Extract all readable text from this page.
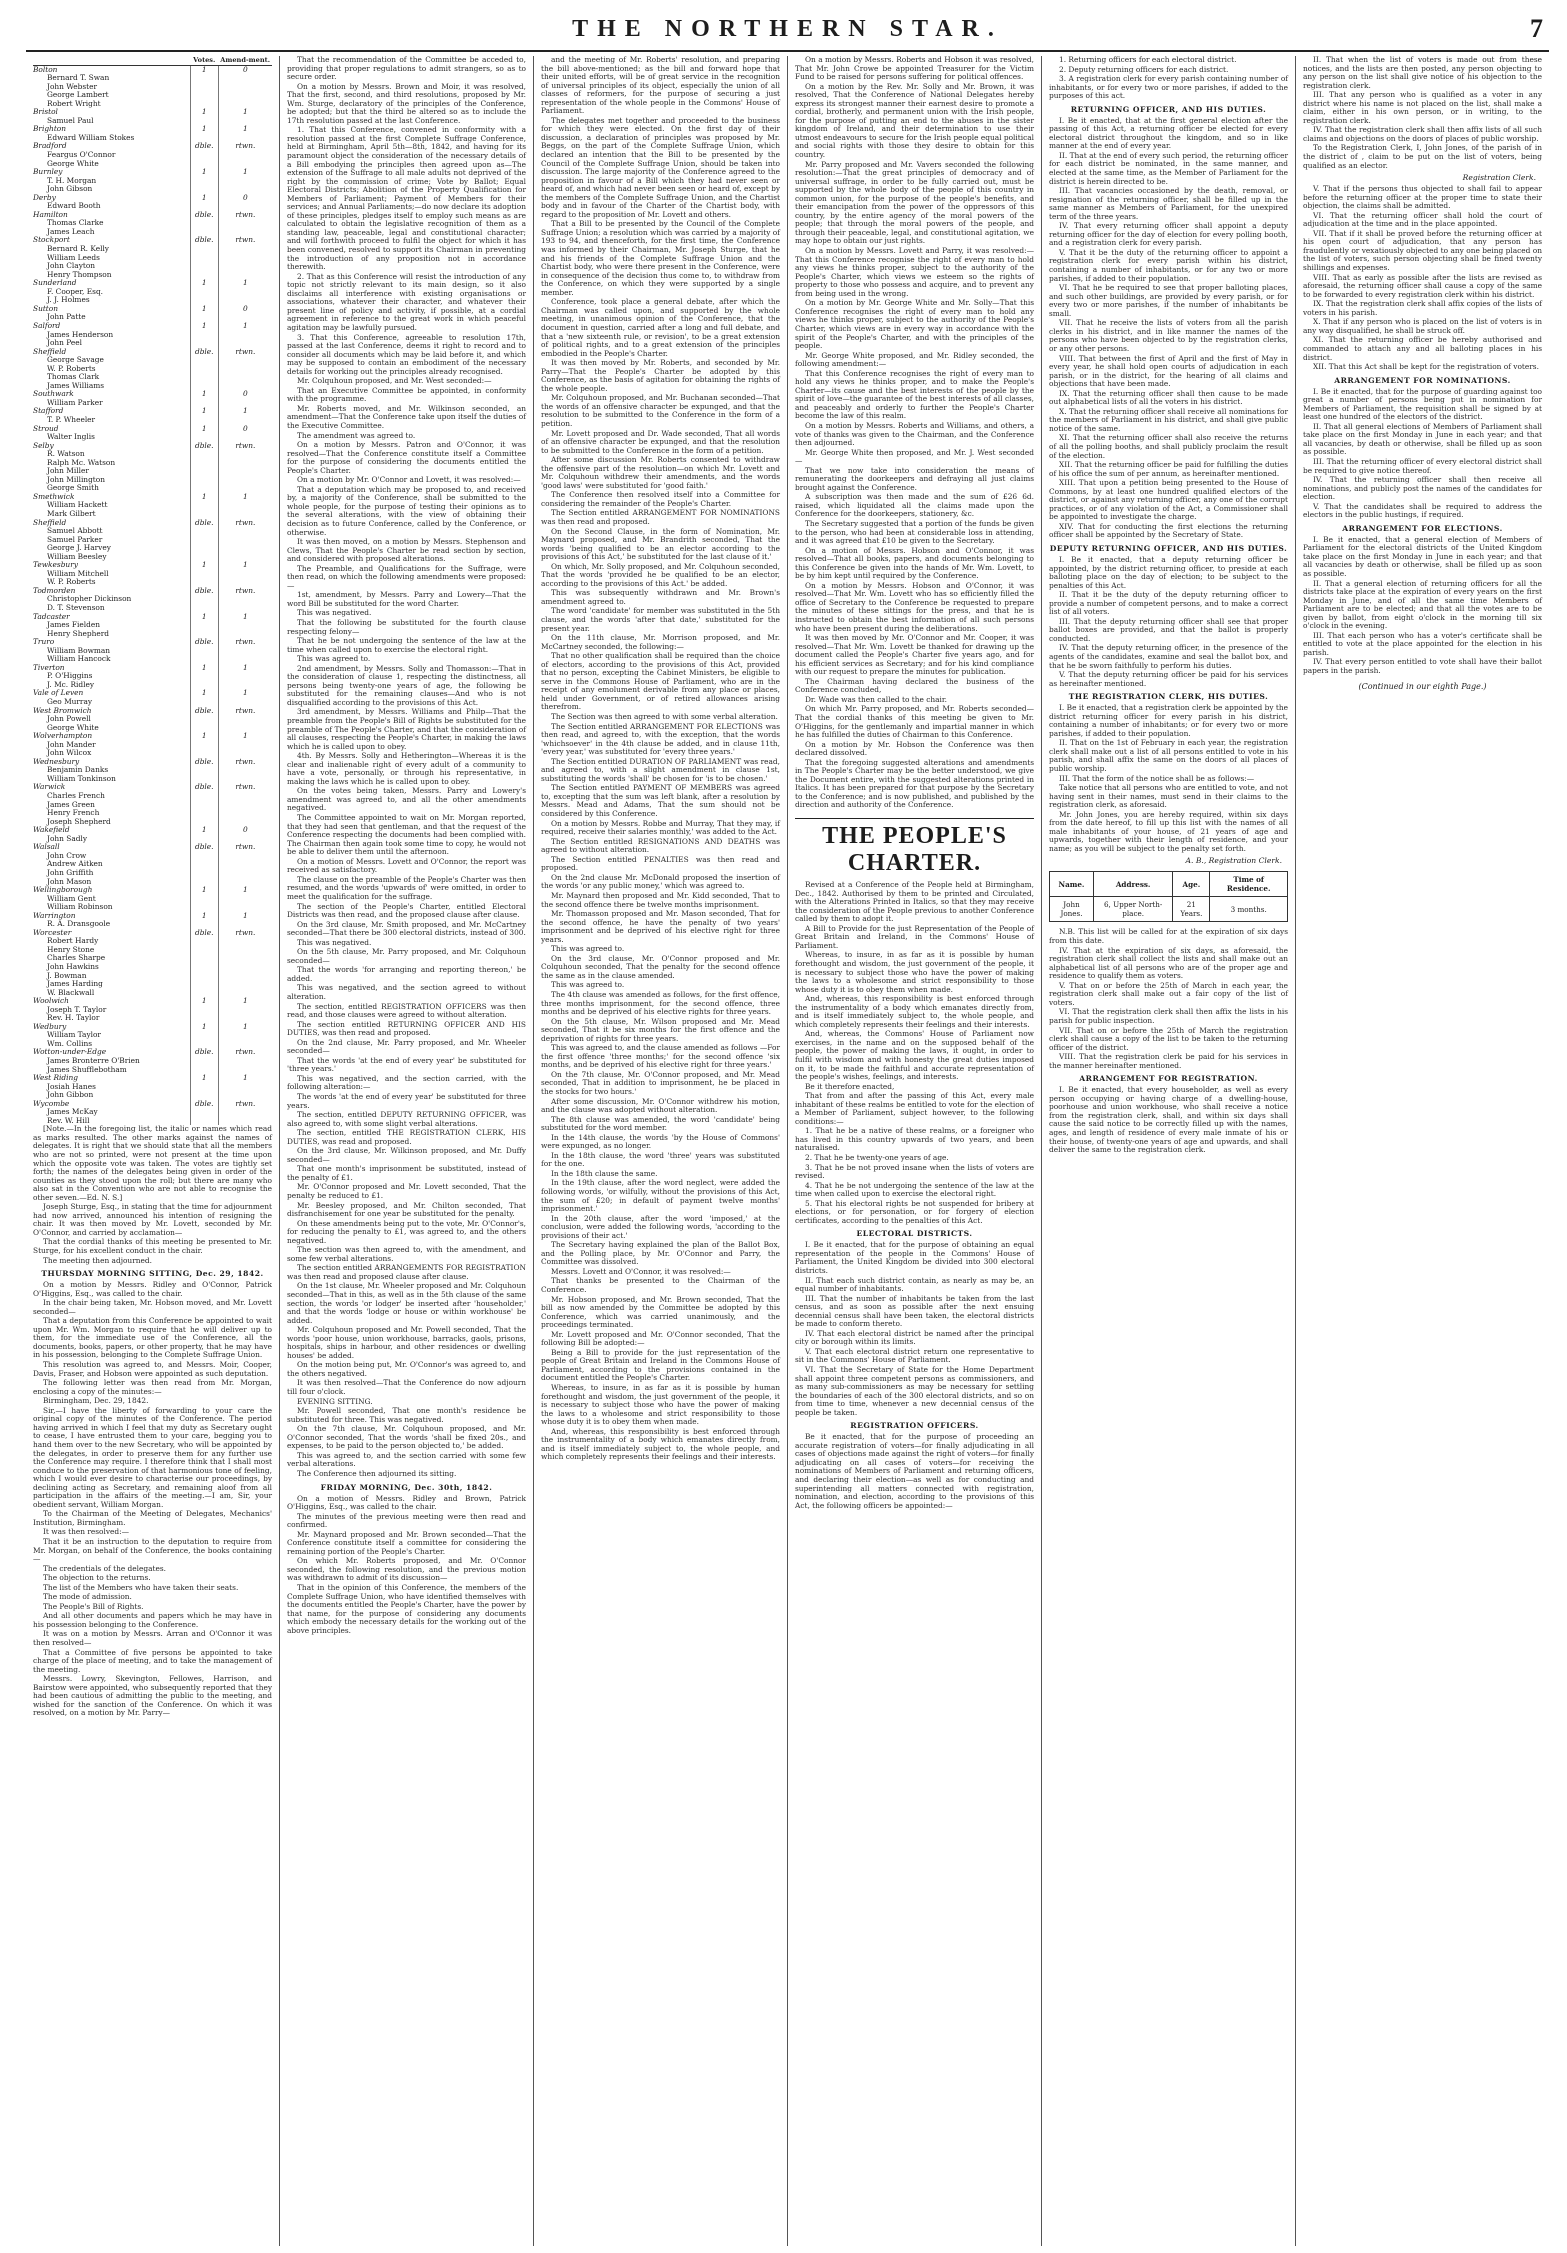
THE NORTHERN STAR.	7
	Votes.	Amend-ment.
Bolton	1	0
Bernard T. Swan		
John Webster		
George Lambert		
Robert Wright		
Bristol	1	1
Samuel Paul		
Brighton	1	1
Edward William Stokes		
Bradford	dble.	rtwn.
Feargus O'Connor		
George White		
Burnley	1	1
T. H. Morgan		
John Gibson		
Derby	1	0
Edward Booth		
Hamilton	dble.	rtwn.
Thomas Clarke		
James Leach		
Stockport	dble.	rtwn.
Bernard R. Kelly		
William Leeds		
John Clayton		
Henry Thompson		
Sunderland	1	1
F. Cooper, Esq.		
J. J. Holmes		
Sutton	1	0
John Patte		
Salford	1	1
James Henderson		
John Peel		
Sheffield	dble.	rtwn.
George Savage		
W. P. Roberts		
Thomas Clark		
James Williams		
Southwark	1	0
William Parker		
Stafford	1	1
T. P. Wheeler		
Stroud	1	0
Walter Inglis		
Selby	dble.	rtwn.
R. Watson		
Ralph Mc. Watson		
John Miller		
John Millington		
George Smith		
Smethwick	1	1
William Hackett		
Mark Gilbert		
Sheffield	dble.	rtwn.
Samuel Abbott		
Samuel Parker		
George J. Harvey		
William Beesley		
Tewkesbury	1	1
William Mitchell		
W. P. Roberts		
Todmorden	dble.	rtwn.
Christopher Dickinson		
D. T. Stevenson		
Tadcaster	1	1
James Fielden		
Henry Shepherd		
Truro	dble.	rtwn.
William Bowman		
William Hancock		
Tiverton	1	1
P. O'Higgins		
J. Mc. Ridley		
Vale of Leven	1	1
Geo Murray		
West Bromwich	dble.	rtwn.
John Powell		
George White		
Wolverhampton	1	1
John Mander		
John Wilcox		
Wednesbury	dble.	rtwn.
Benjamin Danks		
William Tonkinson		
Warwick	dble.	rtwn.
Charles French		
James Green		
Henry French		
Joseph Shepherd		
Wakefield	1	0
John Sadly		
Walsall	dble.	rtwn.
John Crow		
Andrew Aitken		
John Griffith		
John Mason		
Wellingborough	1	1
William Gent		
William Robinson		
Warrington	1	1
R. A. Dransgoole		
Worcester	dble.	rtwn.
Robert Hardy		
Henry Stone		
Charles Sharpe		
John Hawkins		
J. Bowman		
James Harding		
W. Blackwall		
Woolwich	1	1
Joseph T. Taylor		
Rev. H. Taylor		
Wedbury	1	1
William Taylor		
Wm. Collins		
Wotton-under-Edge	dble.	rtwn.
James Bronterre O'Brien		
James Shufflebotham		
West Riding	1	1
Josiah Hanes		
John Gibbon		
Wycombe	dble.	rtwn.
James McKay		
Rev. W. Hill		

[Note.—In the foregoing list, the italic or names which read as marks resulted. The other marks against the names of delegates. It is right that we should state that all the members who are not so printed, were not present at the time upon which the opposite vote was taken. The votes are tightly set forth; the names of the delegates being given in order of the counties as they stood upon the roll; but there are many who also sat in the Convention who are not able to recognise the other seven.—Ed. N. S.]

Joseph Sturge, Esq., in stating that the time for adjournment had now arrived, announced his intention of resigning the chair. It was then moved by Mr. Lovett, seconded by Mr. O'Connor, and carried by acclamation—

That the cordial thanks of this meeting be presented to Mr. Sturge, for his excellent conduct in the chair.

The meeting then adjourned.

THURSDAY MORNING SITTING, Dec. 29, 1842.

On a motion by Messrs. Ridley and O'Connor, Patrick O'Higgins, Esq., was called to the chair.

In the chair being taken, Mr. Hobson moved, and Mr. Lovett seconded—

That a deputation from this Conference be appointed to wait upon Mr. Wm. Morgan to require that he will deliver up to them, for the immediate use of the Conference, all the documents, books, papers, or other property, that he may have in his possession, belonging to the Complete Suffrage Union.

This resolution was agreed to, and Messrs. Moir, Cooper, Davis, Fraser, and Hobson were appointed as such deputation.

The following letter was then read from Mr. Morgan, enclosing a copy of the minutes:—

Birmingham, Dec. 29, 1842.

Sir,—I have the liberty of forwarding to your care the original copy of the minutes of the Conference. The period having arrived in which I feel that my duty as Secretary ought to cease, I have entrusted them to your care, begging you to hand them over to the new Secretary, who will be appointed by the delegates, in order to preserve them for any further use the Conference may require. I therefore think that I shall most conduce to the preservation of that harmonious tone of feeling, which I would ever desire to characterise our proceedings, by declining acting as Secretary, and remaining aloof from all participation in the affairs of the meeting.—I am, Sir, your obedient servant, William Morgan.

To the Chairman of the Meeting of Delegates, Mechanics' Institution, Birmingham.

It was then resolved:—

That it be an instruction to the deputation to require from Mr. Morgan, on behalf of the Conference, the books containing—

The credentials of the delegates.

The objection to the returns.

The list of the Members who have taken their seats.

The mode of admission.

The People's Bill of Rights.

And all other documents and papers which he may have in his possession belonging to the Conference.

It was on a motion by Messrs. Arran and O'Connor it was then resolved—

That a Committee of five persons be appointed to take charge of the place of meeting, and to take the management of the meeting.

Messrs. Lowry, Skevington, Fellowes, Harrison, and Bairstow were appointed, who subsequently reported that they had been cautious of admitting the public to the meeting, and wished for the sanction of the Conference. On which it was resolved, on a motion by Mr. Parry—

That the recommendation of the Committee be acceded to, providing that proper regulations to admit strangers, so as to secure order.

On a motion by Messrs. Brown and Moir, it was resolved, That the first, second, and third resolutions, proposed by Mr. Wm. Sturge, declaratory of the principles of the Conference, be adopted; but that the third be altered so as to include the 17th resolution passed at the last Conference.

1. That this Conference, convened in conformity with a resolution passed at the first Complete Suffrage Conference, held at Birmingham, April 5th—8th, 1842, and having for its paramount object the consideration of the necessary details of a Bill embodying the principles then agreed upon as—The extension of the Suffrage to all male adults not deprived of the right by the commission of crime; Vote by Ballot; Equal Electoral Districts; Abolition of the Property Qualification for Members of Parliament; Payment of Members for their services; and Annual Parliaments;—do now declare its adoption of these principles, pledges itself to employ such means as are calculated to obtain the legislative recognition of them as a standing law, peaceable, legal and constitutional character; and will forthwith proceed to fulfil the object for which it has been convened, resolved to support its Chairman in preventing the introduction of any proposition not in accordance therewith.

2. That as this Conference will resist the introduction of any topic not strictly relevant to its main design, so it also disclaims all interference with existing organisations or associations, whatever their character, and whatever their present line of policy and activity, if possible, at a cordial agreement in reference to the great work in which peaceful agitation may be lawfully pursued.

3. That this Conference, agreeable to resolution 17th, passed at the last Conference, deems it right to record and to consider all documents which may be laid before it, and which may be supposed to contain an embodiment of the necessary details for working out the principles already recognised.

Mr. Colquhoun proposed, and Mr. West seconded:—

That an Executive Committee be appointed, in conformity with the programme.

Mr. Roberts moved, and Mr. Wilkinson seconded, an amendment—That the Conference take upon itself the duties of the Executive Committee.

The amendment was agreed to.

On a motion by Messrs. Patron and O'Connor, it was resolved—That the Conference constitute itself a Committee for the purpose of considering the documents entitled the People's Charter.

On a motion by Mr. O'Connor and Lovett, it was resolved:—

That a deputation which may be proposed to, and received by, a majority of the Conference, shall be submitted to the whole people, for the purpose of testing their opinions as to the several alterations, with the view of obtaining their decision as to future Conference, called by the Conference, or otherwise.

It was then moved, on a motion by Messrs. Stephenson and Clews, That the People's Charter be read section by section, and considered with proposed alterations.

The Preamble, and Qualifications for the Suffrage, were then read, on which the following amendments were proposed:—

1st, amendment, by Messrs. Parry and Lowery—That the word Bill be substituted for the word Charter.

This was negatived.

That the following be substituted for the fourth clause respecting felony—

That he be not undergoing the sentence of the law at the time when called upon to exercise the electoral right.

This was agreed to.

2nd amendment, by Messrs. Solly and Thomasson:—That in the consideration of clause 1, respecting the distinctness, all persons being twenty-one years of age, the following be substituted for the remaining clauses—And who is not disqualified according to the provisions of this Act.

3rd amendment, by Messrs. Williams and Philp—That the preamble from the People's Bill of Rights be substituted for the preamble of The People's Charter, and that the consideration of all clauses, respecting the People's Charter, in making the laws which he is called upon to obey.

4th. By Messrs. Solly and Hetherington—Whereas it is the clear and inalienable right of every adult of a community to have a vote, personally, or through his representative, in making the laws which he is called upon to obey.

On the votes being taken, Messrs. Parry and Lowery's amendment was agreed to, and all the other amendments negatived.

The Committee appointed to wait on Mr. Morgan reported, that they had seen that gentleman, and that the request of the Conference respecting the documents had been complied with. The Chairman then again took some time to copy, he would not be able to deliver them until the afternoon.

On a motion of Messrs. Lovett and O'Connor, the report was received as satisfactory.

The clause on the preamble of the People's Charter was then resumed, and the words 'upwards of' were omitted, in order to meet the qualification for the suffrage.

The section of the People's Charter, entitled Electoral Districts was then read, and the proposed clause after clause.

On the 3rd clause, Mr. Smith proposed, and Mr. McCartney seconded—That there be 300 electoral districts, instead of 300.

This was negatived.

On the 5th clause, Mr. Parry proposed, and Mr. Colquhoun seconded—

That the words 'for arranging and reporting thereon,' be added.

This was negatived, and the section agreed to without alteration.

The section, entitled REGISTRATION OFFICERS was then read, and those clauses were agreed to without alteration.

The section entitled RETURNING OFFICER AND HIS DUTIES, was then read and proposed.

On the 2nd clause, Mr. Parry proposed, and Mr. Wheeler seconded—

That the words 'at the end of every year' be substituted for 'three years.'

This was negatived, and the section carried, with the following alteration:—

The words 'at the end of every year' be substituted for three years.

The section, entitled DEPUTY RETURNING OFFICER, was also agreed to, with some slight verbal alterations.

The section, entitled THE REGISTRATION CLERK, HIS DUTIES, was read and proposed.

On the 3rd clause, Mr. Wilkinson proposed, and Mr. Duffy seconded—

That one month's imprisonment be substituted, instead of the penalty of £1.

Mr. O'Connor proposed and Mr. Lovett seconded, That the penalty be reduced to £1.

Mr. Beesley proposed, and Mr. Chilton seconded, That disfranchisement for one year be substituted for the penalty.

On these amendments being put to the vote, Mr. O'Connor's, for reducing the penalty to £1, was agreed to, and the others negatived.

The section was then agreed to, with the amendment, and some few verbal alterations.

The section entitled ARRANGEMENTS FOR REGISTRATION was then read and proposed clause after clause.

On the 1st clause, Mr. Wheeler proposed and Mr. Colquhoun seconded—That in this, as well as in the 5th clause of the same section, the words 'or lodger' be inserted after 'householder,' and that the words 'lodge or house or within workhouse' be added.

Mr. Colquhoun proposed and Mr. Powell seconded, That the words 'poor house, union workhouse, barracks, gaols, prisons, hospitals, ships in harbour, and other residences or dwelling houses' be added.

On the motion being put, Mr. O'Connor's was agreed to, and the others negatived.

It was then resolved—That the Conference do now adjourn till four o'clock.

EVENING SITTING.

Mr. Powell seconded, That one month's residence be substituted for three. This was negatived.

On the 7th clause, Mr. Colquhoun proposed, and Mr. O'Connor seconded, That the words 'shall be fixed 20s., and expenses, to be paid to the person objected to,' be added.

This was agreed to, and the section carried with some few verbal alterations.

The Conference then adjourned its sitting.

FRIDAY MORNING, Dec. 30th, 1842.

On a motion of Messrs. Ridley and Brown, Patrick O'Higgins, Esq., was called to the chair.

The minutes of the previous meeting were then read and confirmed.

Mr. Maynard proposed and Mr. Brown seconded—That the Conference constitute itself a committee for considering the remaining portion of the People's Charter.

On which Mr. Roberts proposed, and Mr. O'Connor seconded, the following resolution, and the previous motion was withdrawn to admit of its discussion—

That in the opinion of this Conference, the members of the Complete Suffrage Union, who have identified themselves with the documents entitled the People's Charter, have the power by that name, for the purpose of considering any documents which embody the necessary details for the working out of the above principles.

and the meeting of Mr. Roberts' resolution, and preparing the bill above-mentioned; as the bill and forward hope that their united efforts, will be of great service in the recognition of universal principles of its object, especially the union of all classes of reformers, for the purpose of securing a just representation of the whole people in the Commons' House of Parliament.

The delegates met together and proceeded to the business for which they were elected. On the first day of their discussion, a declaration of principles was proposed by Mr. Beggs, on the part of the Complete Suffrage Union, which declared an intention that the Bill to be presented by the Council of the Complete Suffrage Union, should be taken into discussion. The large majority of the Conference agreed to the proposition in favour of a Bill which they had never seen or heard of, and which had never been seen or heard of, except by the members of the Complete Suffrage Union, and the Chartist body and in favour of the Charter of the Chartist body, with regard to the proposition of Mr. Lovett and others.

That a Bill to be presented by the Council of the Complete Suffrage Union; a resolution which was carried by a majority of 193 to 94, and thenceforth, for the first time, the Conference was informed by their Chairman, Mr. Joseph Sturge, that he and his friends of the Complete Suffrage Union and the Chartist body, who were there present in the Conference, were in consequence of the decision thus come to, to withdraw from the Conference, on which they were supported by a single member.

Conference, took place a general debate, after which the Chairman was called upon, and supported by the whole meeting, in unanimous opinion of the Conference, that the document in question, carried after a long and full debate, and that a 'new sixteenth rule, or revision', to be a great extension of political rights, and to a great extension of the principles embodied in the People's Charter.

It was then moved by Mr. Roberts, and seconded by Mr. Parry—That the People's Charter be adopted by this Conference, as the basis of agitation for obtaining the rights of the whole people.

Mr. Colquhoun proposed, and Mr. Buchanan seconded—That the words of an offensive character be expunged, and that the resolution to be submitted to the Conference in the form of a petition.

Mr. Lovett proposed and Dr. Wade seconded, That all words of an offensive character be expunged, and that the resolution to be submitted to the Conference in the form of a petition.

After some discussion Mr. Roberts consented to withdraw the offensive part of the resolution—on which Mr. Lovett and Mr. Colquhoun withdrew their amendments, and the words 'good laws' were substituted for 'good faith.'

The Conference then resolved itself into a Committee for considering the remainder of the People's Charter.

The Section entitled ARRANGEMENT FOR NOMINATIONS was then read and proposed.

On the Second Clause, in the form of Nomination, Mr. Maynard proposed, and Mr. Brandrith seconded, That the words 'being qualified to be an elector according to the provisions of this Act,' be substituted for the last clause of it.'

On which, Mr. Solly proposed, and Mr. Colquhoun seconded, That the words 'provided he be qualified to be an elector, according to the provisions of this Act.' be added.

This was subsequently withdrawn and Mr. Brown's amendment agreed to.

The word 'candidate' for member was substituted in the 5th clause, and the words 'after that date,' substituted for the present year.

On the 11th clause, Mr. Morrison proposed, and Mr. McCartney seconded, the following:—

That no other qualification shall be required than the choice of electors, according to the provisions of this Act, provided that no person, excepting the Cabinet Ministers, be eligible to serve in the Commons House of Parliament, who are in the receipt of any emolument derivable from any place or places, held under Government, or of retired allowances arising therefrom.

The Section was then agreed to with some verbal alteration.

The Section entitled ARRANGEMENT FOR ELECTIONS was then read, and agreed to, with the exception, that the words 'whichsoever' in the 4th clause be added, and in clause 11th, 'every year,' was substituted for 'every three years.'

The Section entitled DURATION OF PARLIAMENT was read, and agreed to, with a slight amendment in clause 1st, substituting the words 'shall' be chosen for 'is to be chosen.'

The Section entitled PAYMENT OF MEMBERS was agreed to, excepting that the sum was left blank, after a resolution by Messrs. Mead and Adams, That the sum should not be considered by this Conference.

On a motion by Messrs. Robbe and Murray, That they may, if required, receive their salaries monthly,' was added to the Act.

The Section entitled RESIGNATIONS AND DEATHS was agreed to without alteration.

The Section entitled PENALTIES was then read and proposed.

On the 2nd clause Mr. McDonald proposed the insertion of the words 'or any public money,' which was agreed to.

Mr. Maynard then proposed and Mr. Kidd seconded, That to the second offence there be twelve months imprisonment.

Mr. Thomasson proposed and Mr. Mason seconded, That for the second offence, he have the penalty of two years' imprisonment and be deprived of his elective right for three years.

This was agreed to.

On the 3rd clause, Mr. O'Connor proposed and Mr. Colquhoun seconded, That the penalty for the second offence the same as in the clause amended.

This was agreed to.

The 4th clause was amended as follows, for the first offence, three months imprisonment, for the second offence, three months and be deprived of his elective rights for three years.

On the 5th clause, Mr. Wilson proposed and Mr. Mead seconded, That it be six months for the first offence and the deprivation of rights for three years.

This was agreed to, and the clause amended as follows —For the first offence 'three months;' for the second offence 'six months, and be deprived of his elective right for three years.'

On the 7th clause, Mr. O'Connor proposed, and Mr. Mead seconded, That in addition to imprisonment, he be placed in the stocks for two hours.'

After some discussion, Mr. O'Connor withdrew his motion, and the clause was adopted without alteration.

The 8th clause was amended, the word 'candidate' being substituted for the word member.

In the 14th clause, the words 'by the House of Commons' were expunged, as no longer.

In the 18th clause, the word 'three' years was substituted for the one.

In the 18th clause the same.

In the 19th clause, after the word neglect, were added the following words, 'or wilfully, without the provisions of this Act, the sum of £20; in default of payment twelve months' imprisonment.'

In the 20th clause, after the word 'imposed,' at the conclusion, were added the following words, 'according to the provisions of their act.'

The Secretary having explained the plan of the Ballot Box, and the Polling place, by Mr. O'Connor and Parry, the Committee was dissolved.

Messrs. Lovett and O'Connor, it was resolved:—

That thanks be presented to the Chairman of the Conference.

Mr. Hobson proposed, and Mr. Brown seconded, That the bill as now amended by the Committee be adopted by this Conference, which was carried unanimously, and the proceedings terminated.

Mr. Lovett proposed and Mr. O'Connor seconded, That the following Bill be adopted:—

Being a Bill to provide for the just representation of the people of Great Britain and Ireland in the Commons House of Parliament, according to the provisions contained in the document entitled the People's Charter.

Whereas, to insure, in as far as it is possible by human forethought and wisdom, the just government of the people, it is necessary to subject those who have the power of making the laws to a wholesome and strict responsibility to those whose duty it is to obey them when made.

And, whereas, this responsibility is best enforced through the instrumentality of a body which emanates directly from, and is itself immediately subject to, the whole people, and which completely represents their feelings and their interests.

On a motion by Messrs. Roberts and Hobson it was resolved, That Mr. John Crowe be appointed Treasurer for the Victim Fund to be raised for persons suffering for political offences.

On a motion by the Rev. Mr. Solly and Mr. Brown, it was resolved, That the Conference of National Delegates hereby express its strongest manner their earnest desire to promote a cordial, brotherly, and permanent union with the Irish people, for the purpose of putting an end to the abuses in the sister kingdom of Ireland, and their determination to use their utmost endeavours to secure for the Irish people equal political and social rights with those they desire to obtain for this country.

Mr. Parry proposed and Mr. Vavers seconded the following resolution:—That the great principles of democracy and of universal suffrage, in order to be fully carried out, must be supported by the whole body of the people of this country in common union, for the purpose of the people's benefits, and their emancipation from the power of the oppressors of this country, by the entire agency of the moral powers of the people; that through the moral powers of the people, and through their peaceable, legal, and constitutional agitation, we may hope to obtain our just rights.

On a motion by Messrs. Lovett and Parry, it was resolved:—That this Conference recognise the right of every man to hold any views he thinks proper, subject to the authority of the People's Charter, which views we esteem so the rights of property to those who possess and acquire, and to prevent any from being used in the wrong.

On a motion by Mr. George White and Mr. Solly—That this Conference recognises the right of every man to hold any views he thinks proper, subject to the authority of the People's Charter, which views are in every way in accordance with the spirit of the People's Charter, and with the principles of the people.

Mr. George White proposed, and Mr. Ridley seconded, the following amendment:—

That this Conference recognises the right of every man to hold any views he thinks proper, and to make the People's Charter—its cause and the best interests of the people by the spirit of love—the guarantee of the best interests of all classes, and peaceably and orderly to further the People's Charter become the law of this realm.

On a motion by Messrs. Roberts and Williams, and others, a vote of thanks was given to the Chairman, and the Conference then adjourned.

Mr. George White then proposed, and Mr. J. West seconded—

That we now take into consideration the means of remunerating the doorkeepers and defraying all just claims brought against the Conference.

A subscription was then made and the sum of £26 6d. raised, which liquidated all the claims made upon the Conference for the doorkeepers, stationery, &c.

The Secretary suggested that a portion of the funds be given to the person, who had been at considerable loss in attending, and it was agreed that £10 be given to the Secretary.

On a motion of Messrs. Hobson and O'Connor, it was resolved—That all books, papers, and documents belonging to this Conference be given into the hands of Mr. Wm. Lovett, to be by him kept until required by the Conference.

On a motion by Messrs. Hobson and O'Connor, it was resolved—That Mr. Wm. Lovett who has so efficiently filled the office of Secretary to the Conference be requested to prepare the minutes of these sittings for the press, and that he is instructed to obtain the best information of all such persons who have been present during the deliberations.

It was then moved by Mr. O'Connor and Mr. Cooper, it was resolved—That Mr. Wm. Lovett be thanked for drawing up the document called the People's Charter five years ago, and for his efficient services as Secretary; and for his kind compliance with our request to prepare the minutes for publication.

The Chairman having declared the business of the Conference concluded,

Dr. Wade was then called to the chair.

On which Mr. Parry proposed, and Mr. Roberts seconded—That the cordial thanks of this meeting be given to Mr. O'Higgins, for the gentlemanly and impartial manner in which he has fulfilled the duties of Chairman to this Conference.

On a motion by Mr. Hobson the Conference was then declared dissolved.

That the foregoing suggested alterations and amendments in The People's Charter may be the better understood, we give the Document entire, with the suggested alterations printed in Italics. It has been prepared for that purpose by the Secretary to the Conference; and is now published, and published by the direction and authority of the Conference.

THE PEOPLE'S CHARTER.

Revised at a Conference of the People held at Birmingham, Dec., 1842. Authorised by them to be printed and Circulated, with the Alterations Printed in Italics, so that they may receive the consideration of the People previous to another Conference called by them to adopt it.

A Bill to Provide for the just Representation of the People of Great Britain and Ireland, in the Commons' House of Parliament.

Whereas, to insure, in as far as it is possible by human forethought and wisdom, the just government of the people, it is necessary to subject those who have the power of making the laws to a wholesome and strict responsibility to those whose duty it is to obey them when made.

And, whereas, this responsibility is best enforced through the instrumentality of a body which emanates directly from, and is itself immediately subject to, the whole people, and which completely represents their feelings and their interests.

And, whereas, the Commons' House of Parliament now exercises, in the name and on the supposed behalf of the people, the power of making the laws, it ought, in order to fulfil with wisdom and with honesty the great duties imposed on it, to be made the faithful and accurate representation of the people's wishes, feelings, and interests.

Be it therefore enacted,

That from and after the passing of this Act, every male inhabitant of these realms be entitled to vote for the election of a Member of Parliament, subject however, to the following conditions:—

1. That he be a native of these realms, or a foreigner who has lived in this country upwards of two years, and been naturalised.

2. That he be twenty-one years of age.

3. That he be not proved insane when the lists of voters are revised.

4. That he be not undergoing the sentence of the law at the time when called upon to exercise the electoral right.

5. That his electoral rights be not suspended for bribery at elections, or for personation, or for forgery of election certificates, according to the penalties of this Act.

ELECTORAL DISTRICTS.

I. Be it enacted, that for the purpose of obtaining an equal representation of the people in the Commons' House of Parliament, the United Kingdom be divided into 300 electoral districts.

II. That each such district contain, as nearly as may be, an equal number of inhabitants.

III. That the number of inhabitants be taken from the last census, and as soon as possible after the next ensuing decennial census shall have been taken, the electoral districts be made to conform thereto.

IV. That each electoral district be named after the principal city or borough within its limits.

V. That each electoral district return one representative to sit in the Commons' House of Parliament.

VI. That the Secretary of State for the Home Department shall appoint three competent persons as commissioners, and as many sub-commissioners as may be necessary for settling the boundaries of each of the 300 electoral districts, and so on from time to time, whenever a new decennial census of the people be taken.

REGISTRATION OFFICERS.

Be it enacted, that for the purpose of proceeding an accurate registration of voters—for finally adjudicating in all cases of objections made against the right of voters—for finally adjudicating on all cases of voters—for receiving the nominations of Members of Parliament and returning officers, and declaring their election—as well as for conducting and superintending all matters connected with registration, nomination, and election, according to the provisions of this Act, the following officers be appointed:—

1. Returning officers for each electoral district.

2. Deputy returning officers for each district.

3. A registration clerk for every parish containing number of inhabitants, or for every two or more parishes, if added to the purposes of this act.

RETURNING OFFICER, AND HIS DUTIES.

I. Be it enacted, that at the first general election after the passing of this Act, a returning officer be elected for every electoral district throughout the kingdom, and so in like manner at the end of every year.

II. That at the end of every such period, the returning officer for each district be nominated, in the same manner, and elected at the same time, as the Member of Parliament for the district is herein directed to be.

III. That vacancies occasioned by the death, removal, or resignation of the returning officer, shall be filled up in the same manner as Members of Parliament, for the unexpired term of the three years.

IV. That every returning officer shall appoint a deputy returning officer for the day of election for every polling booth, and a registration clerk for every parish.

V. That it be the duty of the returning officer to appoint a registration clerk for every parish within his district, containing a number of inhabitants, or for any two or more parishes, if added to their population.

VI. That he be required to see that proper balloting places, and such other buildings, are provided by every parish, or for every two or more parishes, if the number of inhabitants be small.

VII. That he receive the lists of voters from all the parish clerks in his district, and in like manner the names of the persons who have been objected to by the registration clerks, or any other persons.

VIII. That between the first of April and the first of May in every year, he shall hold open courts of adjudication in each parish, or in the district, for the hearing of all claims and objections that have been made.

IX. That the returning officer shall then cause to be made out alphabetical lists of all the voters in his district.

X. That the returning officer shall receive all nominations for the members of Parliament in his district, and shall give public notice of the same.

XI. That the returning officer shall also receive the returns of all the polling booths, and shall publicly proclaim the result of the election.

XII. That the returning officer be paid for fulfilling the duties of his office the sum of per annum, as hereinafter mentioned.

XIII. That upon a petition being presented to the House of Commons, by at least one hundred qualified electors of the district, or against any returning officer, any one of the corrupt practices, or of any violation of the Act, a Commissioner shall be appointed to investigate the charge.

XIV. That for conducting the first elections the returning officer shall be appointed by the Secretary of State.

DEPUTY RETURNING OFFICER, AND HIS DUTIES.

I. Be it enacted, that a deputy returning officer be appointed, by the district returning officer, to preside at each balloting place on the day of election; to be subject to the penalties of this Act.

II. That it be the duty of the deputy returning officer to provide a number of competent persons, and to make a correct list of all voters.

III. That the deputy returning officer shall see that proper ballot boxes are provided, and that the ballot is properly conducted.

IV. That the deputy returning officer, in the presence of the agents of the candidates, examine and seal the ballot box, and that he be sworn faithfully to perform his duties.

V. That the deputy returning officer be paid for his services as hereinafter mentioned.

THE REGISTRATION CLERK, HIS DUTIES.

I. Be it enacted, that a registration clerk be appointed by the district returning officer for every parish in his district, containing a number of inhabitants; or for every two or more parishes, if added to their population.

II. That on the 1st of February in each year, the registration clerk shall make out a list of all persons entitled to vote in his parish, and shall affix the same on the doors of all places of public worship.

III. That the form of the notice shall be as follows:—

Take notice that all persons who are entitled to vote, and not having sent in their names, must send in their claims to the registration clerk, as aforesaid.

Mr. John Jones, you are hereby required, within six days from the date hereof, to fill up this list with the names of all male inhabitants of your house, of 21 years of age and upwards, together with their length of residence, and your name; as you will be subject to the penalty set forth.

A. B., Registration Clerk.
Name.	Address.	Age.	Time of Residence.
John Jones.	6, Upper North-place.	21 Years.	3 months.

N.B. This list will be called for at the expiration of six days from this date.

IV. That at the expiration of six days, as aforesaid, the registration clerk shall collect the lists and shall make out an alphabetical list of all persons who are of the proper age and residence to qualify them as voters.

V. That on or before the 25th of March in each year, the registration clerk shall make out a fair copy of the list of voters.

VI. That the registration clerk shall then affix the lists in his parish for public inspection.

VII. That on or before the 25th of March the registration clerk shall cause a copy of the list to be taken to the returning officer of the district.

VIII. That the registration clerk be paid for his services in the manner hereinafter mentioned.

ARRANGEMENT FOR REGISTRATION.

I. Be it enacted, that every householder, as well as every person occupying or having charge of a dwelling-house, poorhouse and union workhouse, who shall receive a notice from the registration clerk, shall, and within six days shall cause the said notice to be correctly filled up with the names, ages, and length of residence of every male inmate of his or their house, of twenty-one years of age and upwards, and shall deliver the same to the registration clerk.

II. That when the list of voters is made out from these notices, and the lists are then posted, any person objecting to any person on the list shall give notice of his objection to the registration clerk.

III. That any person who is qualified as a voter in any district where his name is not placed on the list, shall make a claim, either in his own person, or in writing, to the registration clerk.

IV. That the registration clerk shall then affix lists of all such claims and objections on the doors of places of public worship.

To the Registration Clerk, I, John Jones, of the parish of in the district of , claim to be put on the list of voters, being qualified as an elector.

Registration Clerk.

V. That if the persons thus objected to shall fail to appear before the returning officer at the proper time to state their objection, the claims shall be admitted.

VI. That the returning officer shall hold the court of adjudication at the time and in the place appointed.

VII. That if it shall be proved before the returning officer at his open court of adjudication, that any person has fraudulently or vexatiously objected to any one being placed on the list of voters, such person objecting shall be fined twenty shillings and expenses.

VIII. That as early as possible after the lists are revised as aforesaid, the returning officer shall cause a copy of the same to be forwarded to every registration clerk within his district.

IX. That the registration clerk shall affix copies of the lists of voters in his parish.

X. That if any person who is placed on the list of voters is in any way disqualified, he shall be struck off.

XI. That the returning officer be hereby authorised and commanded to attach any and all balloting places in his district.

XII. That this Act shall be kept for the registration of voters.

ARRANGEMENT FOR NOMINATIONS.

I. Be it enacted, that for the purpose of guarding against too great a number of persons being put in nomination for Members of Parliament, the requisition shall be signed by at least one hundred of the electors of the district.

II. That all general elections of Members of Parliament shall take place on the first Monday in June in each year; and that all vacancies, by death or otherwise, shall be filled up as soon as possible.

III. That the returning officer of every electoral district shall be required to give notice thereof.

IV. That the returning officer shall then receive all nominations, and publicly post the names of the candidates for election.

V. That the candidates shall be required to address the electors in the public hustings, if required.

ARRANGEMENT FOR ELECTIONS.

I. Be it enacted, that a general election of Members of Parliament for the electoral districts of the United Kingdom take place on the first Monday in June in each year; and that all vacancies by death or otherwise, shall be filled up as soon as possible.

II. That a general election of returning officers for all the districts take place at the expiration of every years on the first Monday in June, and of all the same time Members of Parliament are to be elected; and that all the votes are to be given by ballot, from eight o'clock in the morning till six o'clock in the evening.

III. That each person who has a voter's certificate shall be entitled to vote at the place appointed for the election in his parish.

IV. That every person entitled to vote shall have their ballot papers in the parish.

(Continued in our eighth Page.)
